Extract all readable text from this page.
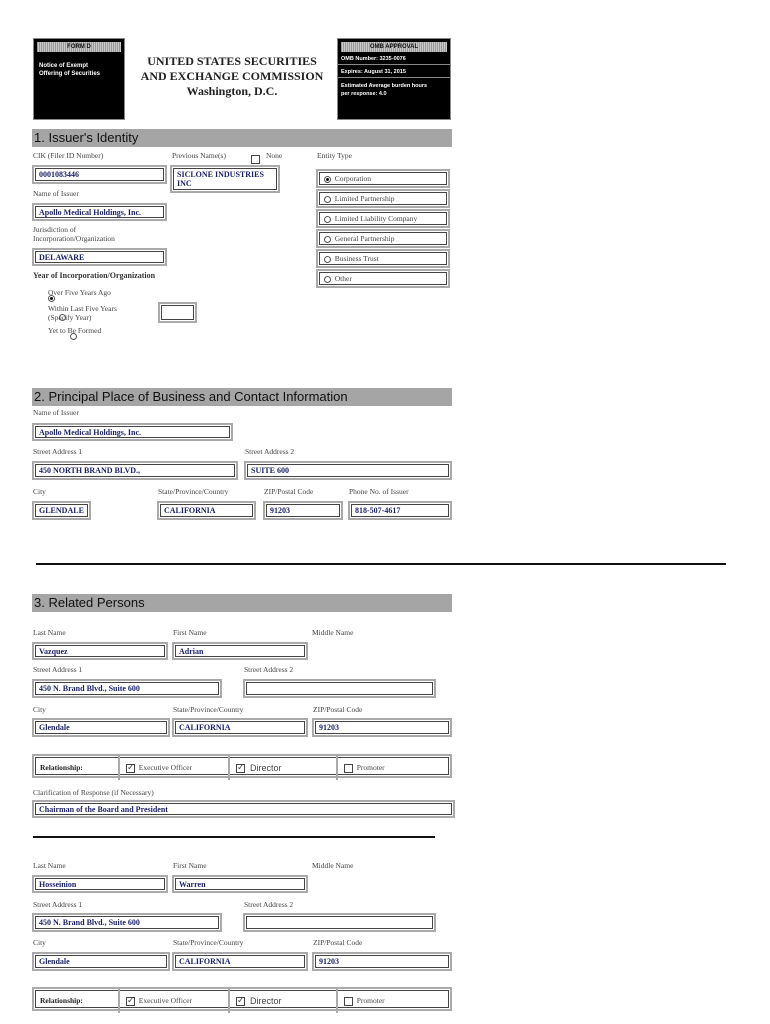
FORM D
Notice of Exempt
Offering of Securities
UNITED STATES SECURITIES
AND EXCHANGE COMMISSION
Washington, D.C.
OMB APPROVAL
OMB Number: 3235-0076
Expires: August 31, 2015
Estimated Average burden hours
per response: 4.0
1. Issuer's Identity
CIK (Filer ID Number)
0001083446
Previous Name(s)
	None
SICLONE INDUSTRIES
INC
Name of Issuer
Apollo Medical Holdings, Inc.
Jurisdiction of
Incorporation/Organization
DELAWARE
Year of Incorporation/Organization

Over Five Years Ago

Within Last Five Years
(Specify Year)
Yet to Be Formed
Entity Type
Corporation
Limited Partnership
Limited Liability Company
General Partnership
Business Trust
Other
2. Principal Place of Business and Contact Information
Name of Issuer
Apollo Medical Holdings, Inc.
Street Address 1
450 NORTH BRAND BLVD.,
Street Address 2
SUITE 600
City
GLENDALE
State/Province/Country
CALIFORNIA
ZIP/Postal Code
91203
Phone No. of Issuer
818-507-4617
3. Related Persons
Last Name
Vazquez
First Name
Adrian
Middle Name
Street Address 1
450 N. Brand Blvd., Suite 600
Street Address 2
City
Glendale
State/Province/Country
CALIFORNIA
ZIP/Postal Code
91203
Relationship:	✓ Executive Officer	✓ Director	Promoter
Clarification of Response (if Necessary)
Chairman of the Board and President
Last Name
Hosseinion
First Name
Warren
Middle Name
Street Address 1
450 N. Brand Blvd., Suite 600
Street Address 2
City
Glendale
State/Province/Country
CALIFORNIA
ZIP/Postal Code
91203
Relationship:	✓ Executive Officer	✓ Director	Promoter
